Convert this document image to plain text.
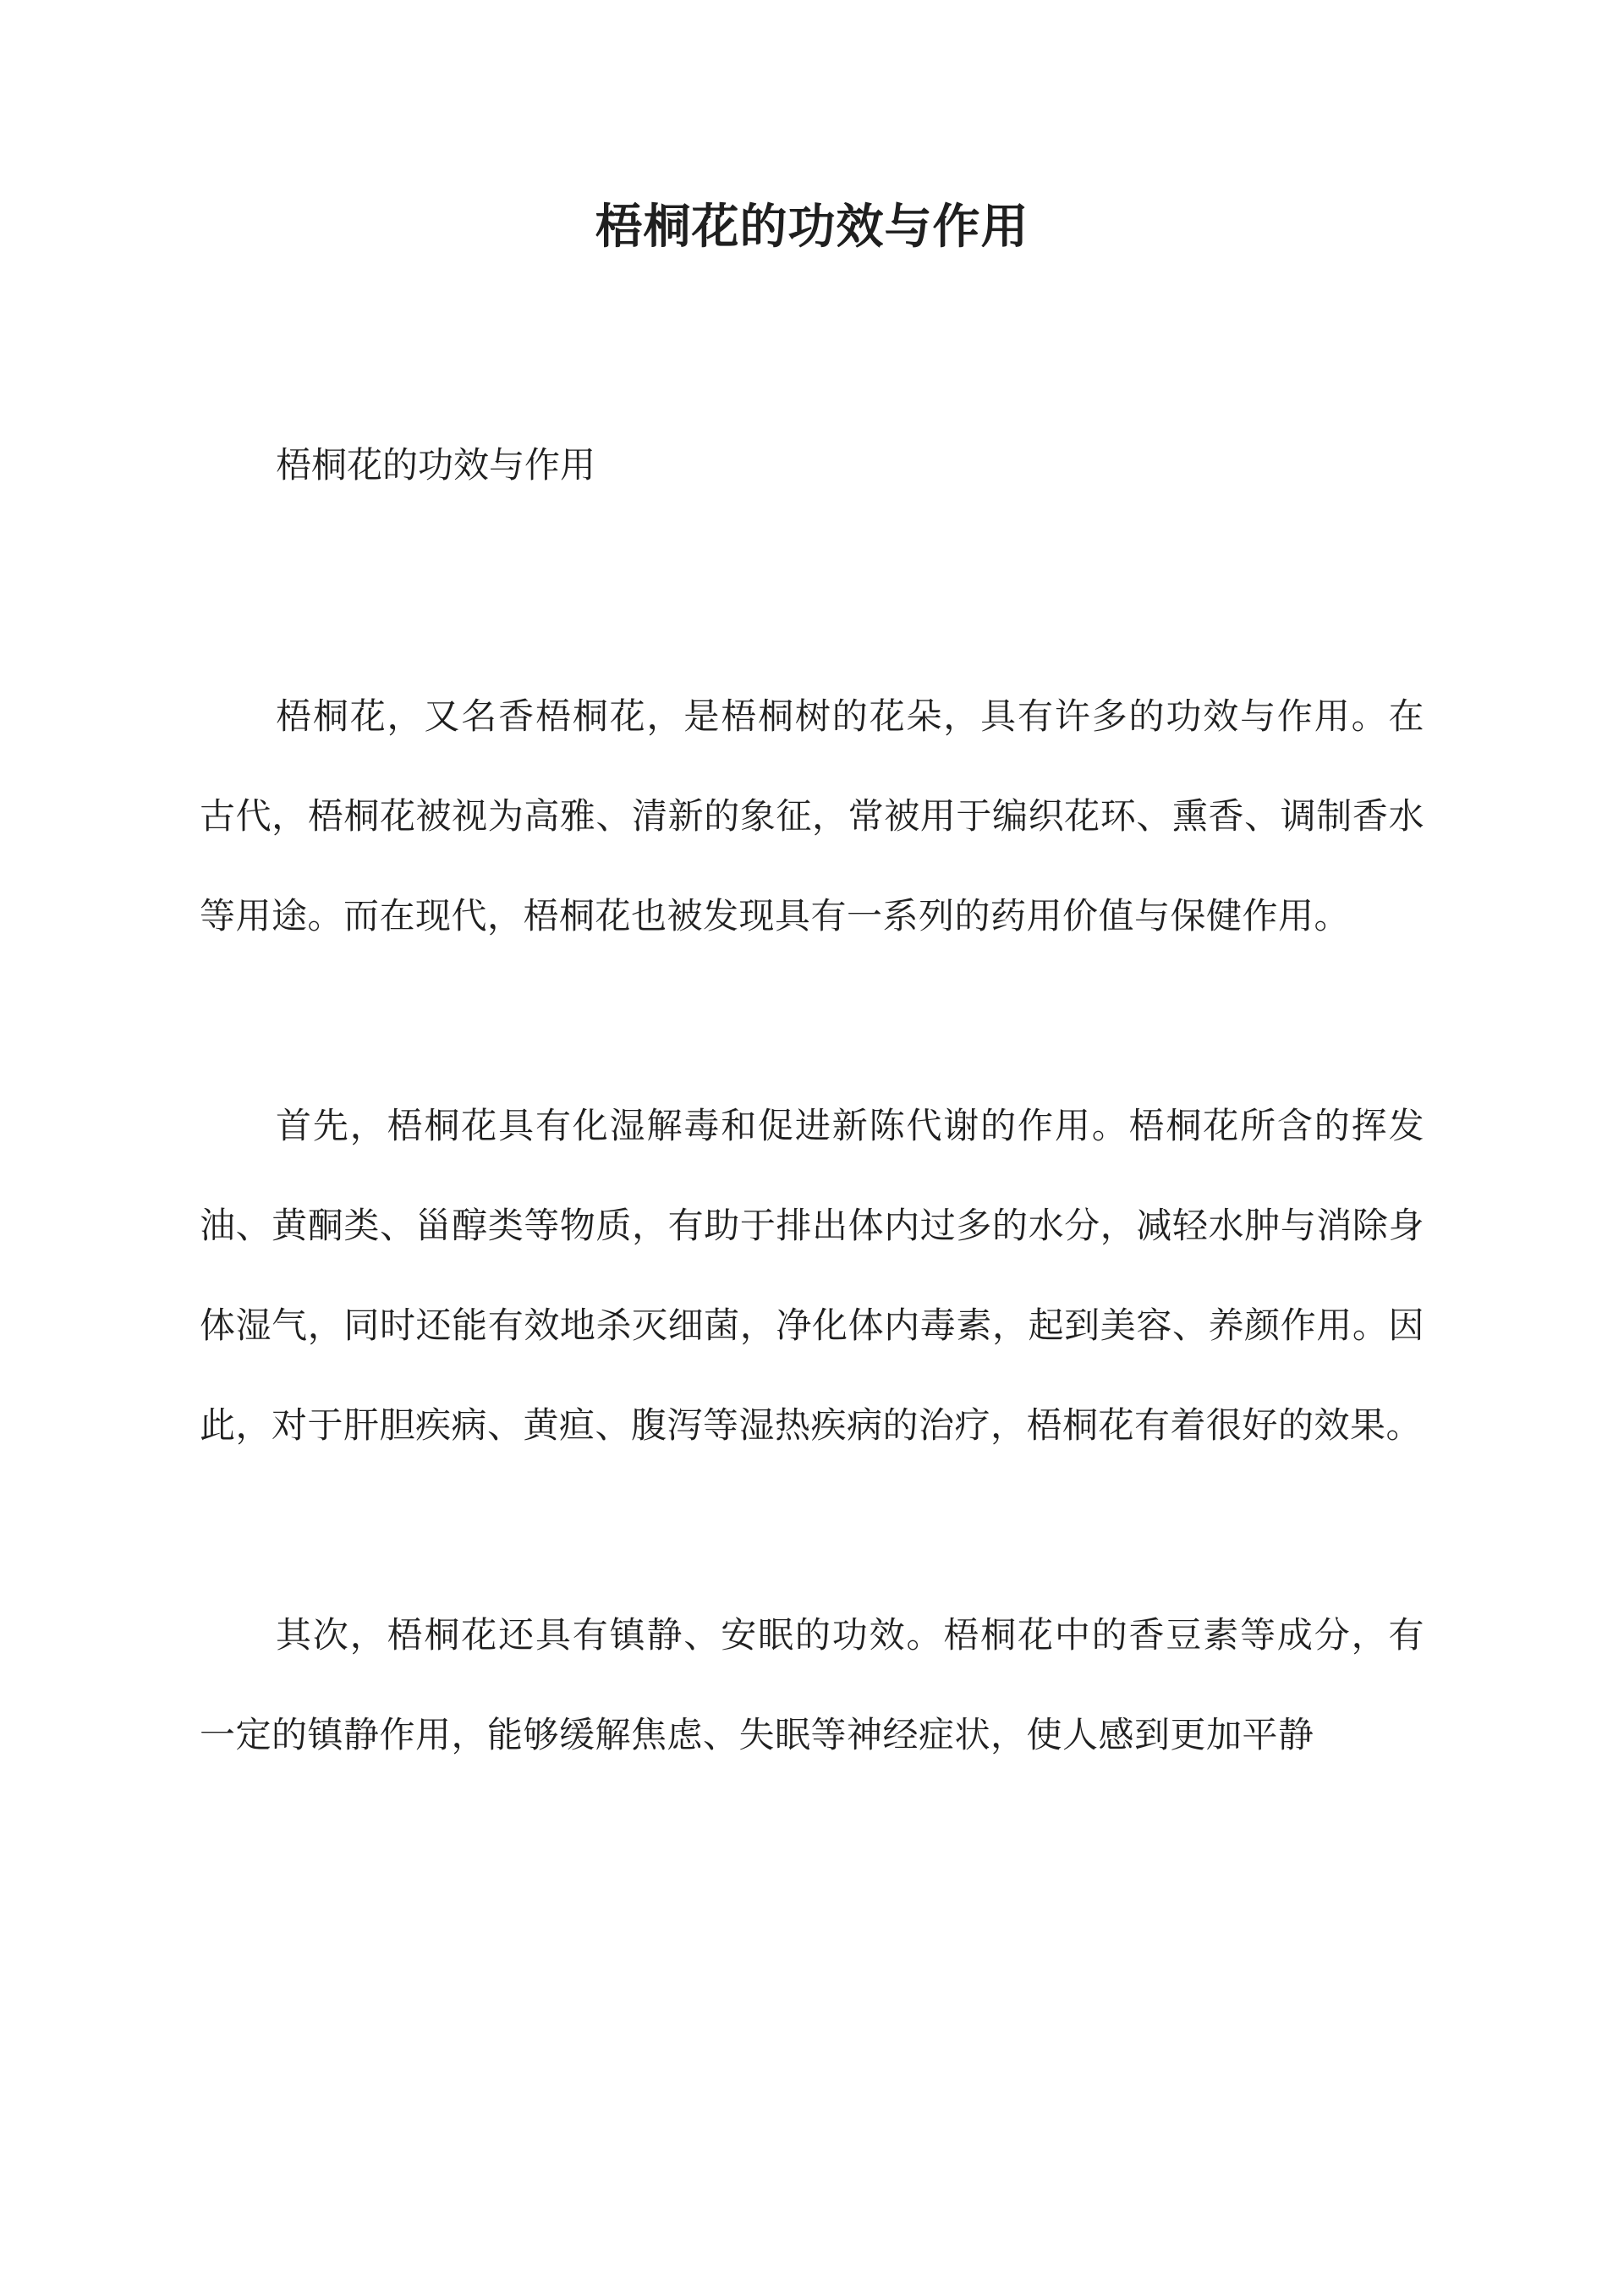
梧桐花的功效与作用

梧桐花的功效与作用

梧桐花，又名香梧桐花，是梧桐树的花朵，具有许多的功效与作用。在古代，梧桐花被视为高雅、清新的象征，常被用于编织花环、熏香、调制香水等用途。而在现代，梧桐花也被发现具有一系列的药用价值与保健作用。

首先，梧桐花具有化湿解毒和促进新陈代谢的作用。梧桐花所含的挥发油、黄酮类、甾醇类等物质，有助于排出体内过多的水分，减轻水肿与消除身体湿气，同时还能有效地杀灭细菌，净化体内毒素，起到美容、养颜作用。因此，对于肝胆疾病、黄疸、腹泻等湿热疾病的治疗，梧桐花有着很好的效果。

其次，梧桐花还具有镇静、安眠的功效。梧桐花中的香豆素等成分，有一定的镇静作用，能够缓解焦虑、失眠等神经症状，使人感到更加平静
